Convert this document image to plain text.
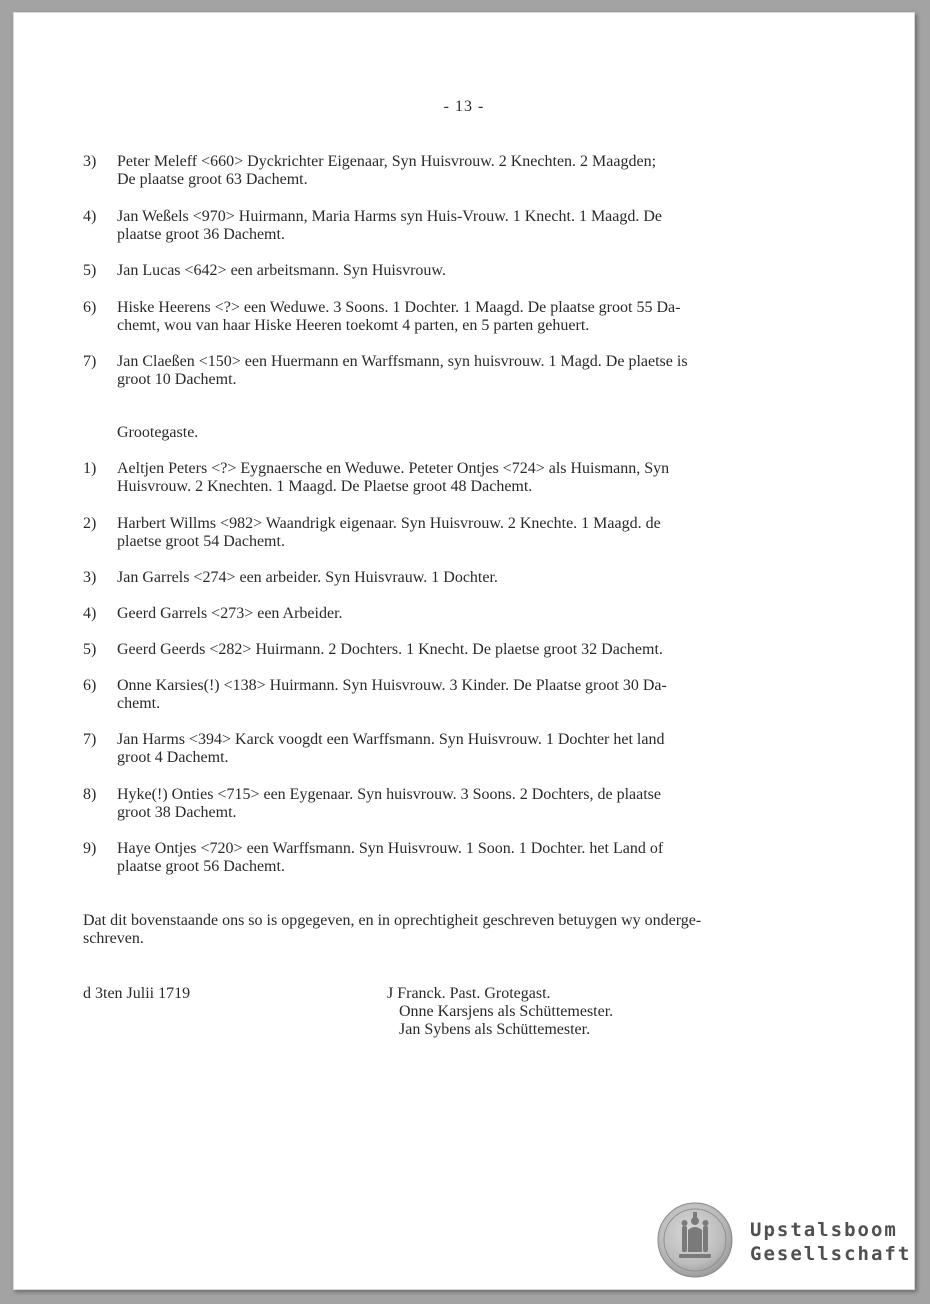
- 13 -
3)	Peter Meleff <660> Dyckrichter Eigenaar, Syn Huisvrouw. 2 Knechten. 2 Maagden;
De plaatse groot 63 Dachemt.
4)	Jan Weßels <970> Huirmann, Maria Harms syn Huis-Vrouw. 1 Knecht. 1 Maagd. De
plaatse groot 36 Dachemt.
5)	Jan Lucas <642> een arbeitsmann. Syn Huisvrouw.
6)	Hiske Heerens <?> een Weduwe. 3 Soons. 1 Dochter. 1 Maagd. De plaatse groot 55 Da-
chemt, wou van haar Hiske Heeren toekomt 4 parten, en 5 parten gehuert.
7)	Jan Claeßen <150> een Huermann en Warffsmann, syn huisvrouw. 1 Magd. De plaetse is
groot 10 Dachemt.
Grootegaste.
1)	Aeltjen Peters <?> Eygnaersche en Weduwe. Peteter Ontjes <724> als Huismann, Syn
Huisvrouw. 2 Knechten. 1 Maagd. De Plaetse groot 48 Dachemt.
2)	Harbert Willms <982> Waandrigk eigenaar. Syn Huisvrouw. 2 Knechte. 1 Maagd. de
plaetse groot 54 Dachemt.
3)	Jan Garrels <274> een arbeider. Syn Huisvrauw. 1 Dochter.
4)	Geerd Garrels <273> een Arbeider.
5)	Geerd Geerds <282> Huirmann. 2 Dochters. 1 Knecht. De plaetse groot 32 Dachemt.
6)	Onne Karsies(!) <138> Huirmann. Syn Huisvrouw. 3 Kinder. De Plaatse groot 30 Da-
chemt.
7)	Jan Harms <394> Karck voogdt een Warffsmann. Syn Huisvrouw. 1 Dochter het land
groot 4 Dachemt.
8)	Hyke(!) Onties <715> een Eygenaar. Syn huisvrouw. 3 Soons. 2 Dochters, de plaatse
groot 38 Dachemt.
9)	Haye Ontjes <720> een Warffsmann. Syn Huisvrouw. 1 Soon. 1 Dochter. het Land of
plaatse groot 56 Dachemt.
Dat dit bovenstaande ons so is opgegeven, en in oprechtigheit geschreven betuygen wy onderge-
schreven.
d 3ten Julii 1719	J Franck. Past. Grotegast.
Onne Karsjens als Schüttemester.
Jan Sybens als Schüttemester.
Upstalsboom
Gesellschaft
